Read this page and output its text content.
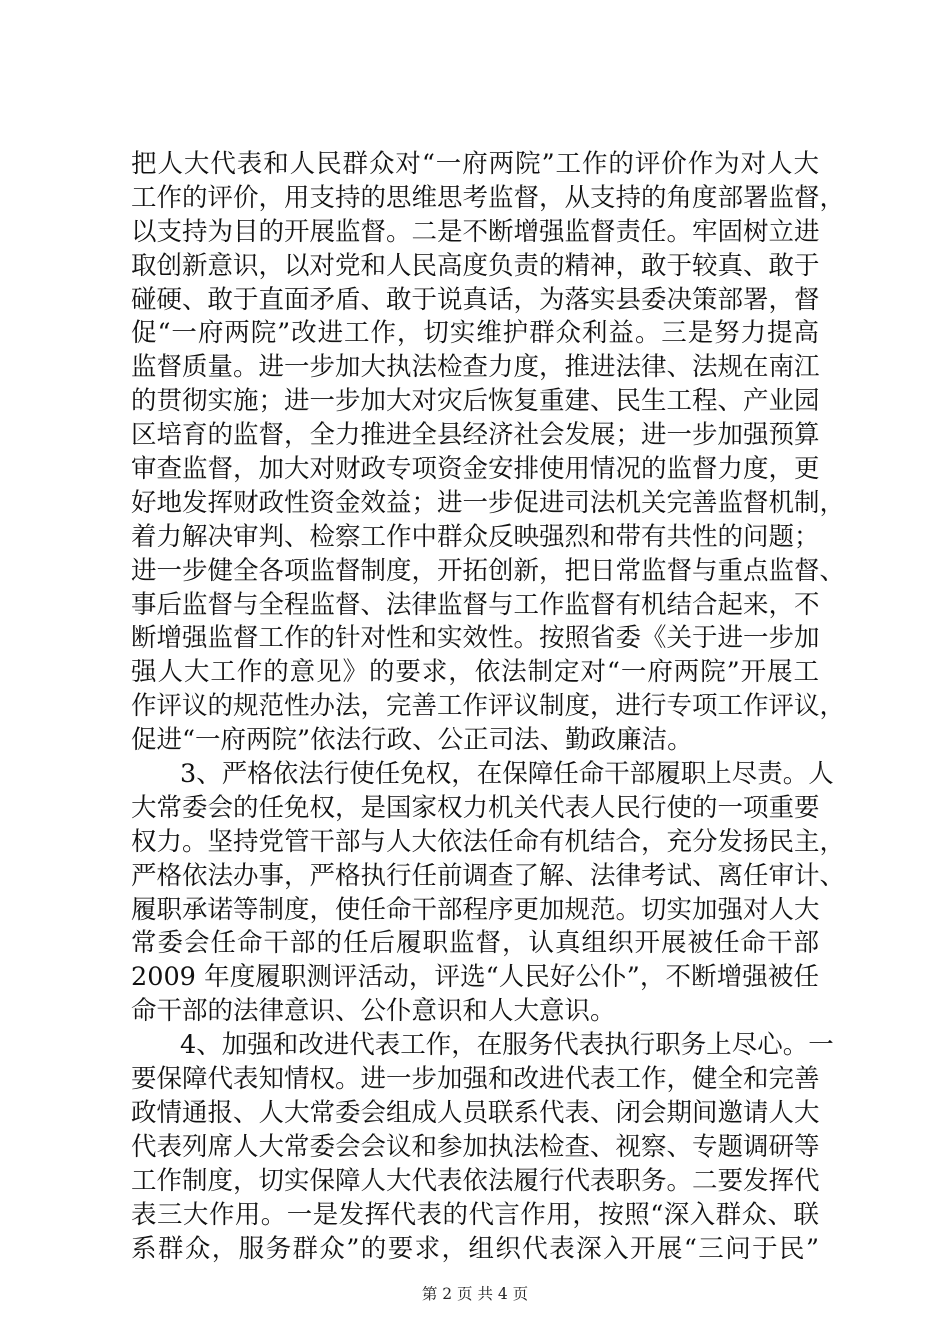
把人大代表和人民群众对“一府两院”工作的评价作为对人大
工作的评价，用支持的思维思考监督，从支持的角度部署监督，
以支持为目的开展监督。二是不断增强监督责任。牢固树立进
取创新意识，以对党和人民高度负责的精神，敢于较真、敢于
碰硬、敢于直面矛盾、敢于说真话，为落实县委决策部署，督
促“一府两院”改进工作，切实维护群众利益。三是努力提高
监督质量。进一步加大执法检查力度，推进法律、法规在南江
的贯彻实施；进一步加大对灾后恢复重建、民生工程、产业园
区培育的监督，全力推进全县经济社会发展；进一步加强预算
审查监督，加大对财政专项资金安排使用情况的监督力度，更
好地发挥财政性资金效益；进一步促进司法机关完善监督机制，
着力解决审判、检察工作中群众反映强烈和带有共性的问题；
进一步健全各项监督制度，开拓创新，把日常监督与重点监督、
事后监督与全程监督、法律监督与工作监督有机结合起来，不
断增强监督工作的针对性和实效性。按照省委《关于进一步加
强人大工作的意见》的要求，依法制定对“一府两院”开展工
作评议的规范性办法，完善工作评议制度，进行专项工作评议，
促进“一府两院”依法行政、公正司法、勤政廉洁。
3、严格依法行使任免权，在保障任命干部履职上尽责。人
大常委会的任免权，是国家权力机关代表人民行使的一项重要
权力。坚持党管干部与人大依法任命有机结合，充分发扬民主，
严格依法办事，严格执行任前调查了解、法律考试、离任审计、
履职承诺等制度，使任命干部程序更加规范。切实加强对人大
常委会任命干部的任后履职监督，认真组织开展被任命干部
2009 年度履职测评活动，评选“人民好公仆”，不断增强被任
命干部的法律意识、公仆意识和人大意识。
4、加强和改进代表工作，在服务代表执行职务上尽心。一
要保障代表知情权。进一步加强和改进代表工作，健全和完善
政情通报、人大常委会组成人员联系代表、闭会期间邀请人大
代表列席人大常委会会议和参加执法检查、视察、专题调研等
工作制度，切实保障人大代表依法履行代表职务。二要发挥代
表三大作用。一是发挥代表的代言作用，按照“深入群众、联
系群众，服务群众”的要求，组织代表深入开展“三问于民”
第 2 页 共 4 页
